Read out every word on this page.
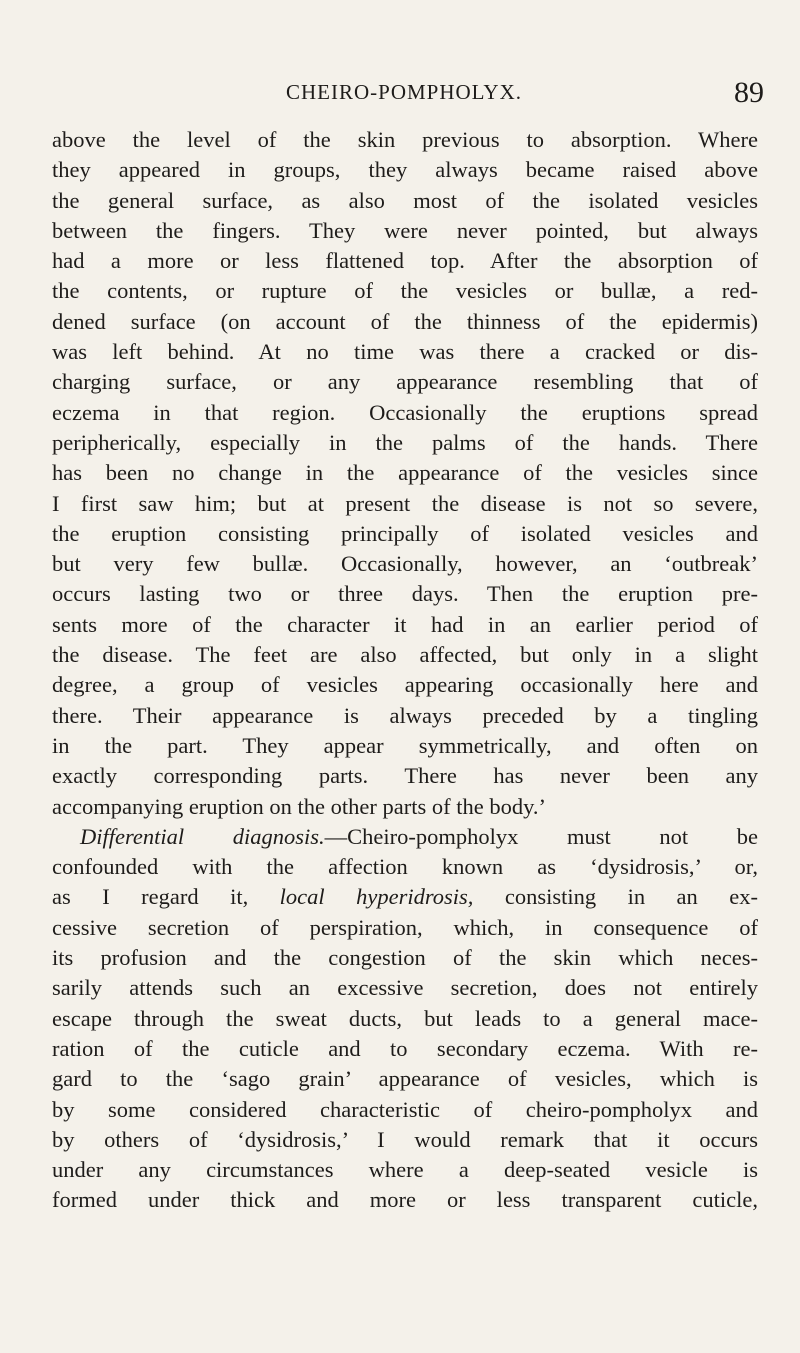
CHEIRO-POMPHOLYX.	89
above the level of the skin previous to absorption. Where
they appeared in groups, they always became raised above
the general surface, as also most of the isolated vesicles
between the fingers. They were never pointed, but always
had a more or less flattened top. After the absorption of
the contents, or rupture of the vesicles or bullæ, a red-
dened surface (on account of the thinness of the epidermis)
was left behind. At no time was there a cracked or dis-
charging surface, or any appearance resembling that of
eczema in that region. Occasionally the eruptions spread
peripherically, especially in the palms of the hands. There
has been no change in the appearance of the vesicles since
I first saw him; but at present the disease is not so severe,
the eruption consisting principally of isolated vesicles and
but very few bullæ. Occasionally, however, an ‘outbreak’
occurs lasting two or three days. Then the eruption pre-
sents more of the character it had in an earlier period of
the disease. The feet are also affected, but only in a slight
degree, a group of vesicles appearing occasionally here and
there. Their appearance is always preceded by a tingling
in the part. They appear symmetrically, and often on
exactly corresponding parts. There has never been any
accompanying eruption on the other parts of the body.’
Differential diagnosis.—Cheiro-pompholyx must not be
confounded with the affection known as ‘dysidrosis,’ or,
as I regard it, local hyperidrosis, consisting in an ex-
cessive secretion of perspiration, which, in consequence of
its profusion and the congestion of the skin which neces-
sarily attends such an excessive secretion, does not entirely
escape through the sweat ducts, but leads to a general mace-
ration of the cuticle and to secondary eczema. With re-
gard to the ‘sago grain’ appearance of vesicles, which is
by some considered characteristic of cheiro-pompholyx and
by others of ‘dysidrosis,’ I would remark that it occurs
under any circumstances where a deep-seated vesicle is
formed under thick and more or less transparent cuticle,
